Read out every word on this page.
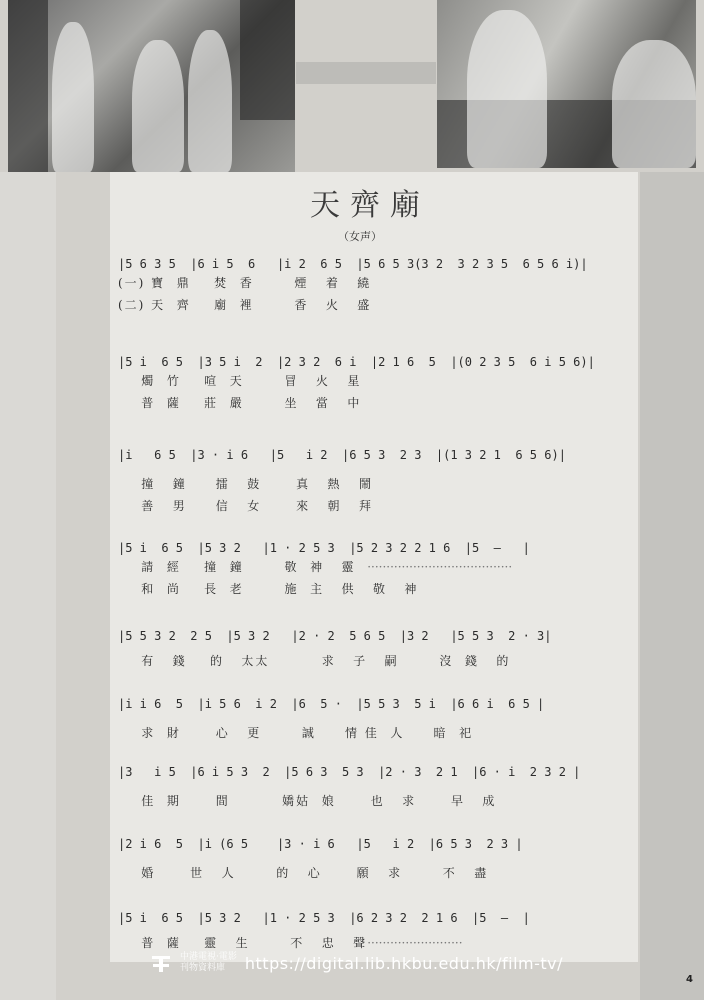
天齊廟
（女声）
|5 6 3 5  |6 i 5  6   |i 2  6 5  |5 6 5 3(3 2  3 2 3 5  6 5 6 i)|
(一) 寶  鼎    焚  香       煙   着   繞
(二) 天  齊    廟  裡       香   火   盛
|5 i  6 5  |3 5 i  2  |2 3 2  6 i  |2 1 6  5  |(0 2 3 5  6 i 5 6)|
燭  竹    喧  天       冒   火   星
普  薩    莊  嚴       坐   當   中
|i   6 5  |3 · i 6   |5   i 2  |6 5 3  2 3  |(1 3 2 1  6 5 6)|
撞   鐘     擂   鼓      真   熱   鬧
善   男     信   女      來   朝   拜
|5 i  6 5  |5 3 2   |1 · 2 5 3  |5 2 3 2 2 1 6  |5  —   |
請  經    撞  鐘       敬  神   靈 ······································
和  尚    長  老       施  主   供   敬   神
|5 5 3 2  2 5  |5 3 2   |2 · 2  5 6 5  |3 2   |5 5 3  2 · 3|
有   錢    的   太太         求   子   嗣       沒  錢   的
|i i 6  5  |i 5 6  i 2  |6  5 ·  |5 5 3  5 i  |6 6 i  6 5 |
求  財      心   更       誠     情 佳  人     暗  祀
|3   i 5  |6 i 5 3  2  |5 6 3  5 3  |2 · 3  2 1  |6 · i  2 3 2 |
佳  期      間         嬌姑  娘      也   求      早   成
|2 i 6  5  |i (6 5    |3 · i 6   |5   i 2  |6 5 3  2 3 |
婚      世   人       的   心      願   求       不   盡
|5 i  6 5  |5 3 2   |1 · 2 5 3  |6 2 3 2  2 1 6  |5  —  |
普  薩    靈   生       不   忠   聲·························
中港電視‧電影
刊物資料庫	https://digital.lib.hkbu.edu.hk/film-tv/
4
